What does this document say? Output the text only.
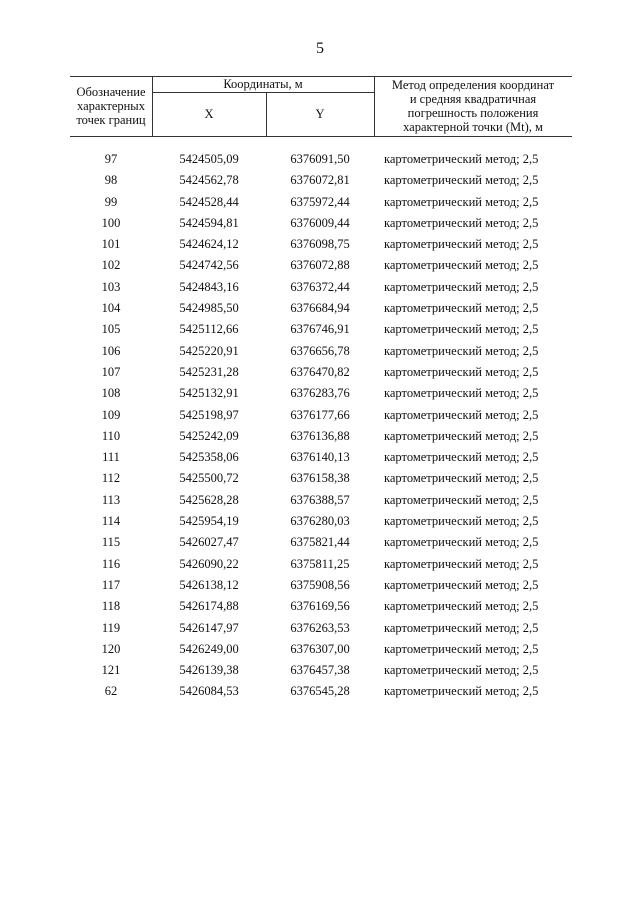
5
Обозначение
характерных
точек границ
Координаты, м
X	Y
Метод определения координат
и средняя квадратичная
погрешность положения
характерной точки (Mt), м
97	5424505,09	6376091,50	картометрический метод; 2,5
98	5424562,78	6376072,81	картометрический метод; 2,5
99	5424528,44	6375972,44	картометрический метод; 2,5
100	5424594,81	6376009,44	картометрический метод; 2,5
101	5424624,12	6376098,75	картометрический метод; 2,5
102	5424742,56	6376072,88	картометрический метод; 2,5
103	5424843,16	6376372,44	картометрический метод; 2,5
104	5424985,50	6376684,94	картометрический метод; 2,5
105	5425112,66	6376746,91	картометрический метод; 2,5
106	5425220,91	6376656,78	картометрический метод; 2,5
107	5425231,28	6376470,82	картометрический метод; 2,5
108	5425132,91	6376283,76	картометрический метод; 2,5
109	5425198,97	6376177,66	картометрический метод; 2,5
110	5425242,09	6376136,88	картометрический метод; 2,5
111	5425358,06	6376140,13	картометрический метод; 2,5
112	5425500,72	6376158,38	картометрический метод; 2,5
113	5425628,28	6376388,57	картометрический метод; 2,5
114	5425954,19	6376280,03	картометрический метод; 2,5
115	5426027,47	6375821,44	картометрический метод; 2,5
116	5426090,22	6375811,25	картометрический метод; 2,5
117	5426138,12	6375908,56	картометрический метод; 2,5
118	5426174,88	6376169,56	картометрический метод; 2,5
119	5426147,97	6376263,53	картометрический метод; 2,5
120	5426249,00	6376307,00	картометрический метод; 2,5
121	5426139,38	6376457,38	картометрический метод; 2,5
62	5426084,53	6376545,28	картометрический метод; 2,5
